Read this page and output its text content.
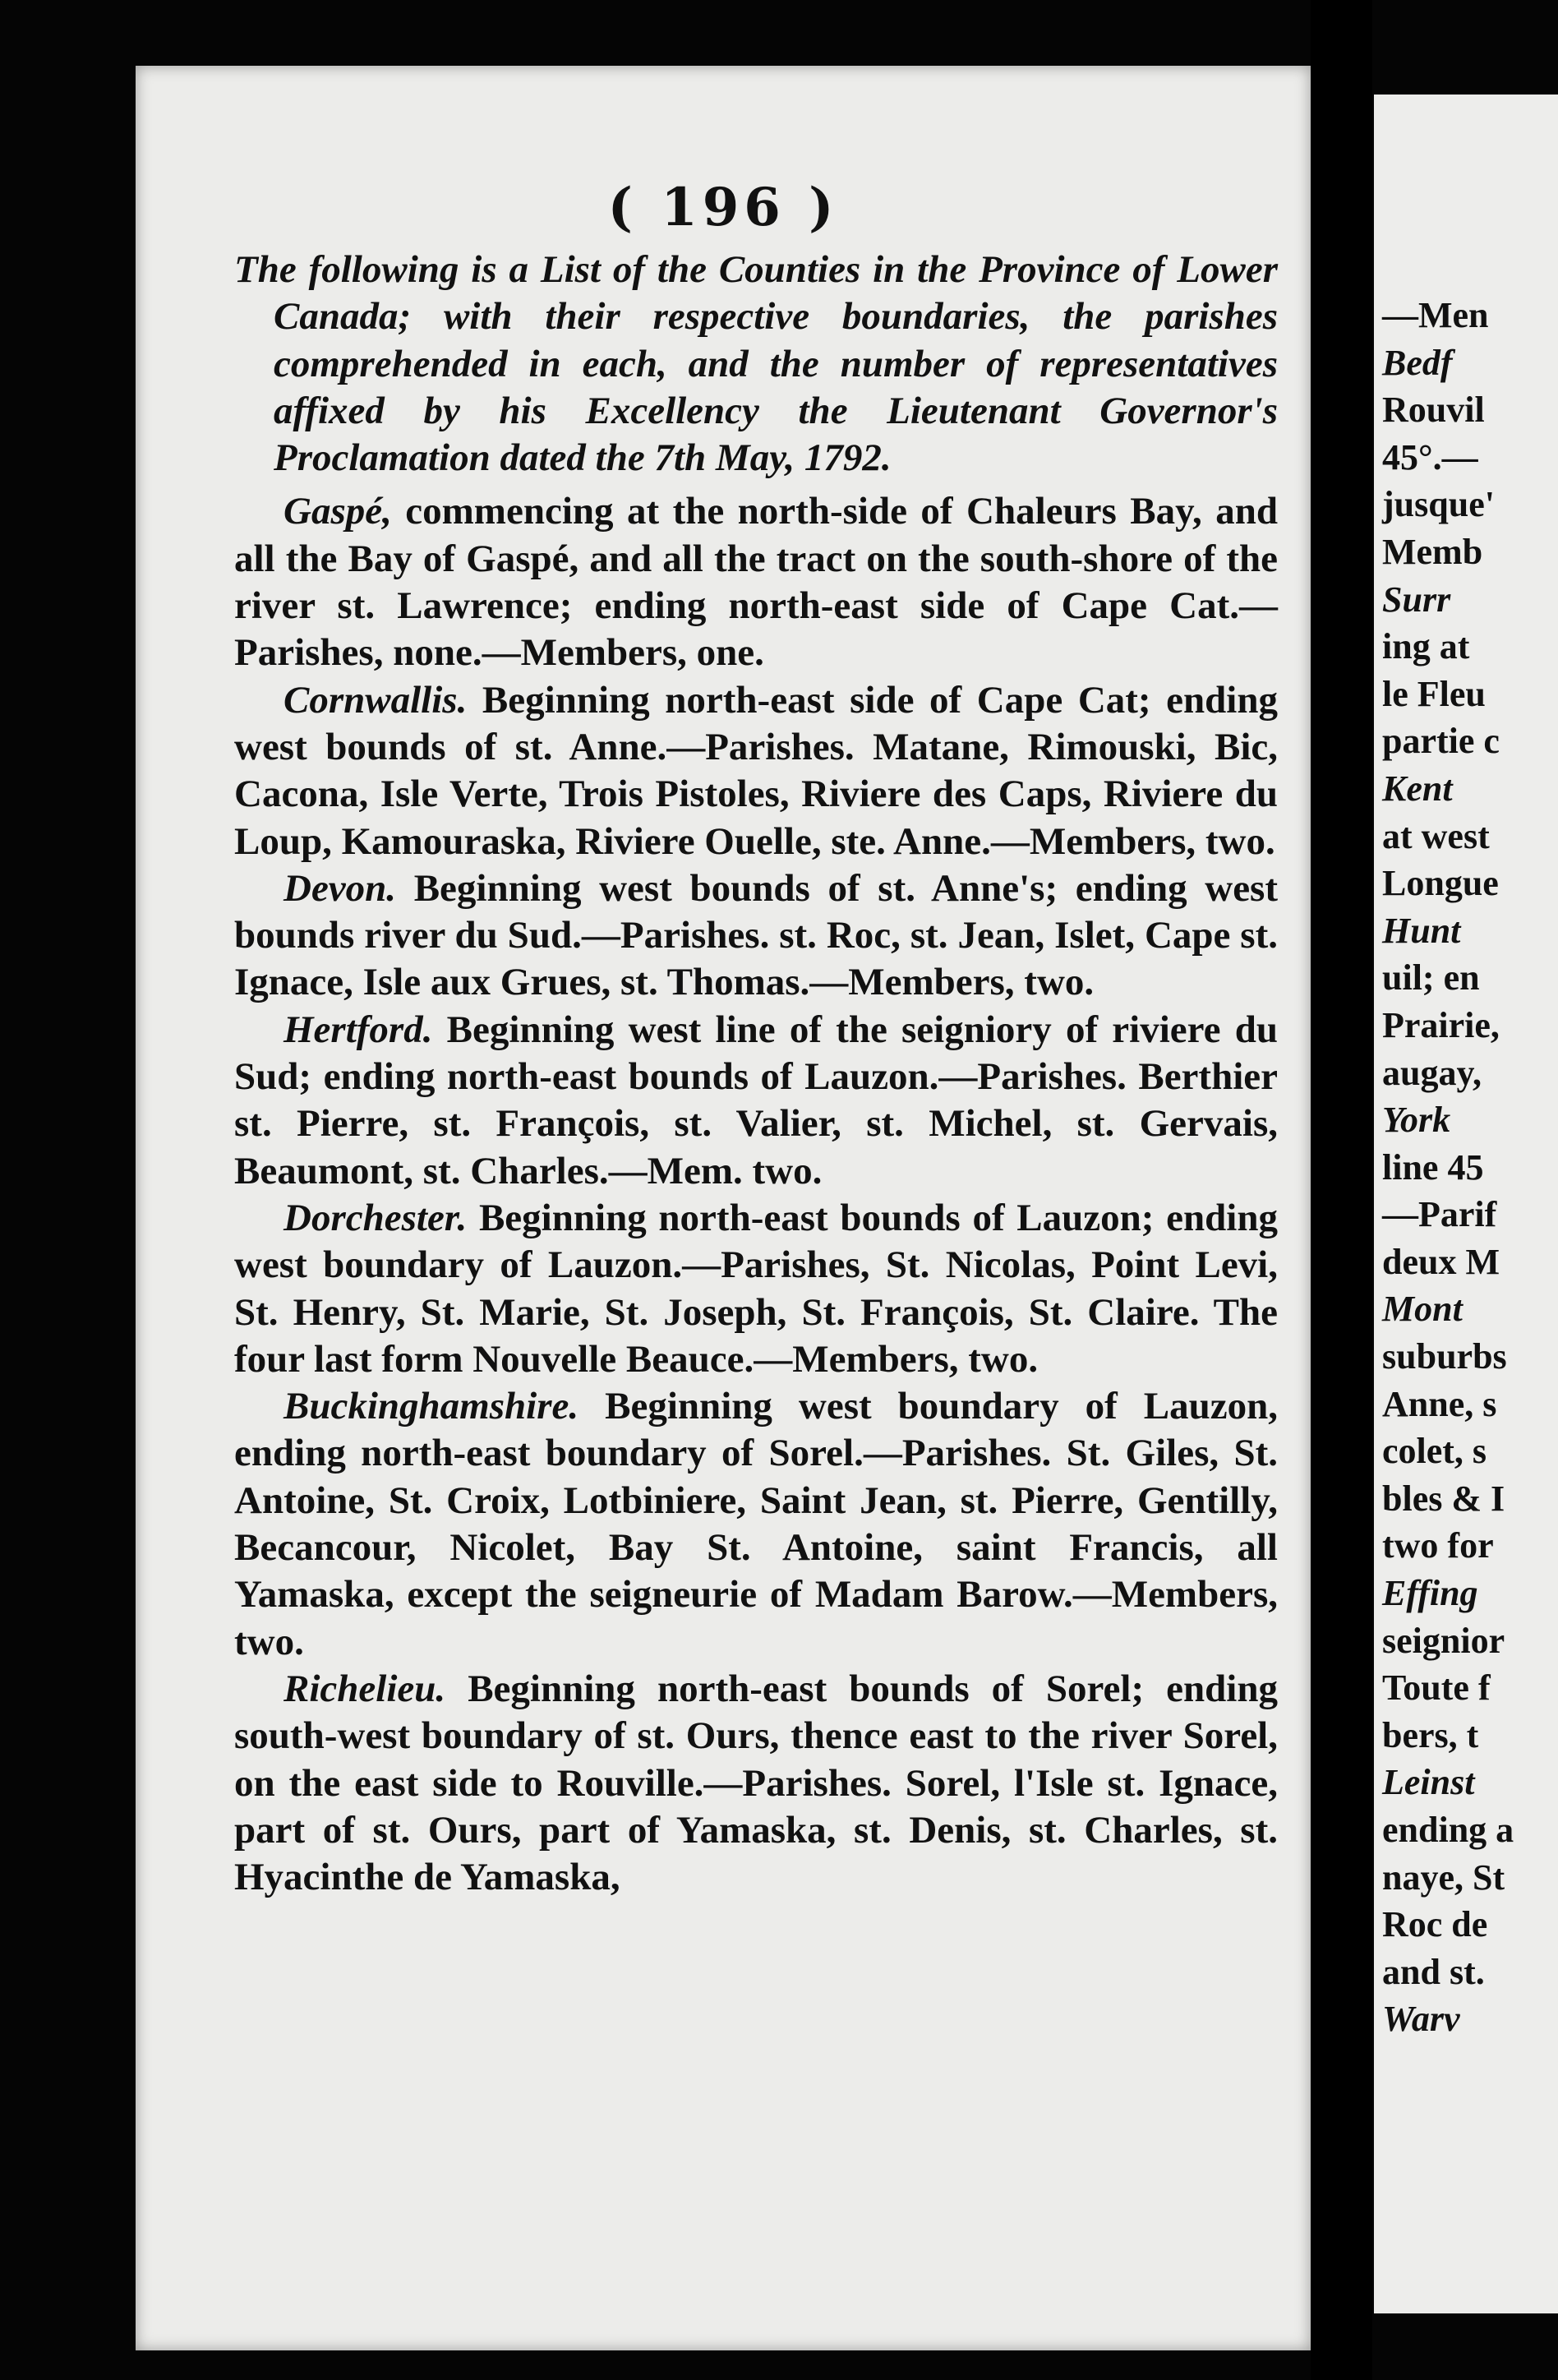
( 196 )

The following is a List of the Counties in the Province of Lower Canada; with their respective boundaries, the parishes comprehended in each, and the number of representatives affixed by his Excellency the Lieutenant Governor's Proclamation dated the 7th May, 1792.

Gaspé, commencing at the north-side of Chaleurs Bay, and all the Bay of Gaspé, and all the tract on the south-shore of the river st. Lawrence; ending north-east side of Cape Cat.—Parishes, none.—Members, one.

Cornwallis. Beginning north-east side of Cape Cat; ending west bounds of st. Anne.—Parishes. Matane, Rimouski, Bic, Cacona, Isle Verte, Trois Pistoles, Riviere des Caps, Riviere du Loup, Kamouraska, Riviere Ouelle, ste. Anne.—Members, two.

Devon. Beginning west bounds of st. Anne's; ending west bounds river du Sud.—Parishes. st. Roc, st. Jean, Islet, Cape st. Ignace, Isle aux Grues, st. Thomas.—Members, two.

Hertford. Beginning west line of the seigniory of riviere du Sud; ending north-east bounds of Lauzon.—Parishes. Berthier st. Pierre, st. François, st. Valier, st. Michel, st. Gervais, Beaumont, st. Charles.—Mem. two.

Dorchester. Beginning north-east bounds of Lauzon; ending west boundary of Lauzon.—Parishes, St. Nicolas, Point Levi, St. Henry, St. Marie, St. Joseph, St. François, St. Claire. The four last form Nouvelle Beauce.—Members, two.

Buckinghamshire. Beginning west boundary of Lauzon, ending north-east boundary of Sorel.—Parishes. St. Giles, St. Antoine, St. Croix, Lotbiniere, Saint Jean, st. Pierre, Gentilly, Becancour, Nicolet, Bay St. Antoine, saint Francis, all Yamaska, except the seigneurie of Madam Barow.—Members, two.

Richelieu. Beginning north-east bounds of Sorel; ending south-west boundary of st. Ours, thence east to the river Sorel, on the east side to Rouville.—Parishes. Sorel, l'Isle st. Ignace, part of st. Ours, part of Yamaska, st. Denis, st. Charles, st. Hyacinthe de Yamaska,

—Men
Bedf
Rouvil
45°.—
jusque'
Memb
Surr
ing at
le Fleu
partie c
Kent
at west
Longue
Hunt
uil; en
Prairie,
augay,
York
line 45
—Parif
deux M
Mont
suburbs
Anne, s
colet, s
bles & I
two for
Effing
seignior
Toute f
bers, t
Leinst
ending a
naye, St
Roc de
and st.
Warv
